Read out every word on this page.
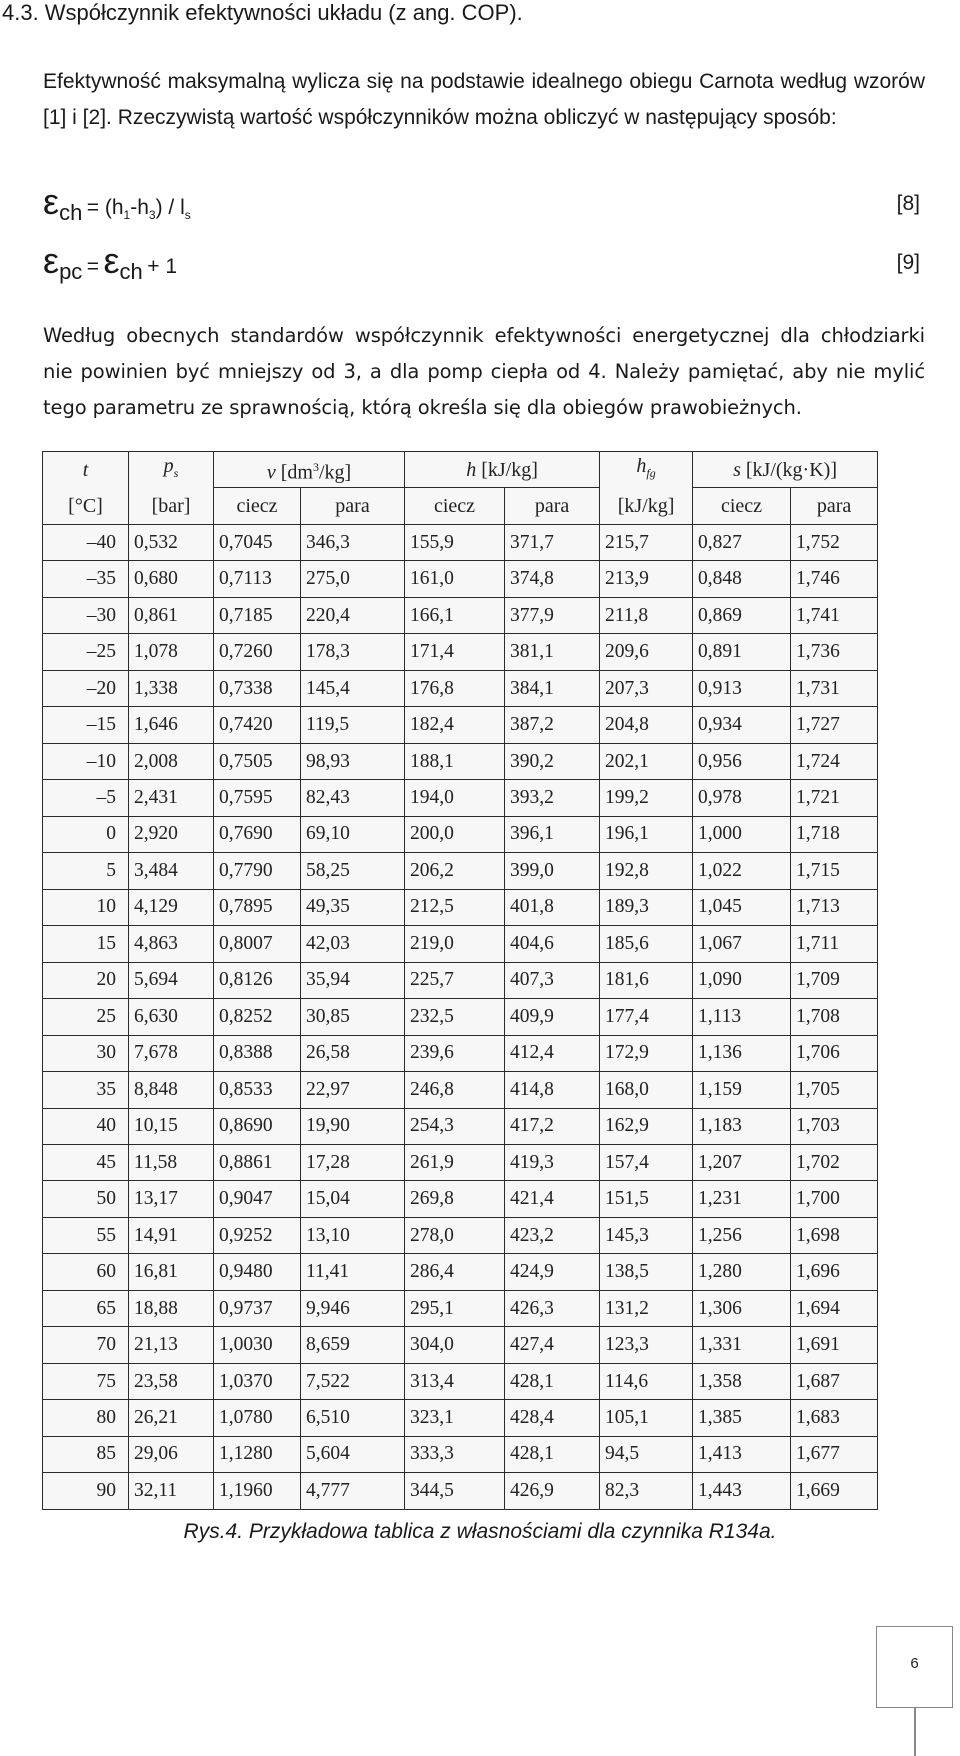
4.3. Współczynnik efektywności układu (z ang. COP).
Efektywność maksymalną wylicza się na podstawie idealnego obiegu Carnota według wzorów [1] i [2]. Rzeczywistą wartość współczynników można obliczyć w następujący sposób:
$\varepsilon ch = (h_1-h_3) / l_s$
[8]
εpc = εch + 1	[9]
Według obecnych standardów współczynnik efektywności energetycznej dla chłodziarki nie powinien być mniejszy od 3, a dla pomp ciepła od 4. Należy pamiętać, aby nie mylić tego parametru ze sprawnością, którą określa się dla obiegów prawobieżnych.
t	$p_s$	v $[dm^3/kg]$		h [kJ/kg]		$h_{fg}$	s [kJ/(kg·K)]	
[°C]	[bar]	ciecz	para	ciecz	para	[kJ/kg]	ciecz	para
–40	0,532	0,7045	346,3	155,9	371,7	215,7	0,827	1,752
–35	0,680	0,7113	275,0	161,0	374,8	213,9	0,848	1,746
–30	0,861	0,7185	220,4	166,1	377,9	211,8	0,869	1,741
–25	1,078	0,7260	178,3	171,4	381,1	209,6	0,891	1,736
–20	1,338	0,7338	145,4	176,8	384,1	207,3	0,913	1,731
–15	1,646	0,7420	119,5	182,4	387,2	204,8	0,934	1,727
–10	2,008	0,7505	98,93	188,1	390,2	202,1	0,956	1,724
–5	2,431	0,7595	82,43	194,0	393,2	199,2	0,978	1,721
0	2,920	0,7690	69,10	200,0	396,1	196,1	1,000	1,718
5	3,484	0,7790	58,25	206,2	399,0	192,8	1,022	1,715
10	4,129	0,7895	49,35	212,5	401,8	189,3	1,045	1,713
15	4,863	0,8007	42,03	219,0	404,6	185,6	1,067	1,711
20	5,694	0,8126	35,94	225,7	407,3	181,6	1,090	1,709
25	6,630	0,8252	30,85	232,5	409,9	177,4	1,113	1,708
30	7,678	0,8388	26,58	239,6	412,4	172,9	1,136	1,706
35	8,848	0,8533	22,97	246,8	414,8	168,0	1,159	1,705
40	10,15	0,8690	19,90	254,3	417,2	162,9	1,183	1,703
45	11,58	0,8861	17,28	261,9	419,3	157,4	1,207	1,702
50	13,17	0,9047	15,04	269,8	421,4	151,5	1,231	1,700
55	14,91	0,9252	13,10	278,0	423,2	145,3	1,256	1,698
60	16,81	0,9480	11,41	286,4	424,9	138,5	1,280	1,696
65	18,88	0,9737	9,946	295,1	426,3	131,2	1,306	1,694
70	21,13	1,0030	8,659	304,0	427,4	123,3	1,331	1,691
75	23,58	1,0370	7,522	313,4	428,1	114,6	1,358	1,687
80	26,21	1,0780	6,510	323,1	428,4	105,1	1,385	1,683
85	29,06	1,1280	5,604	333,3	428,1	94,5	1,413	1,677
90	32,11	1,1960	4,777	344,5	426,9	82,3	1,443	1,669
Rys.4. Przykładowa tablica z własnościami dla czynnika R134a.
6
